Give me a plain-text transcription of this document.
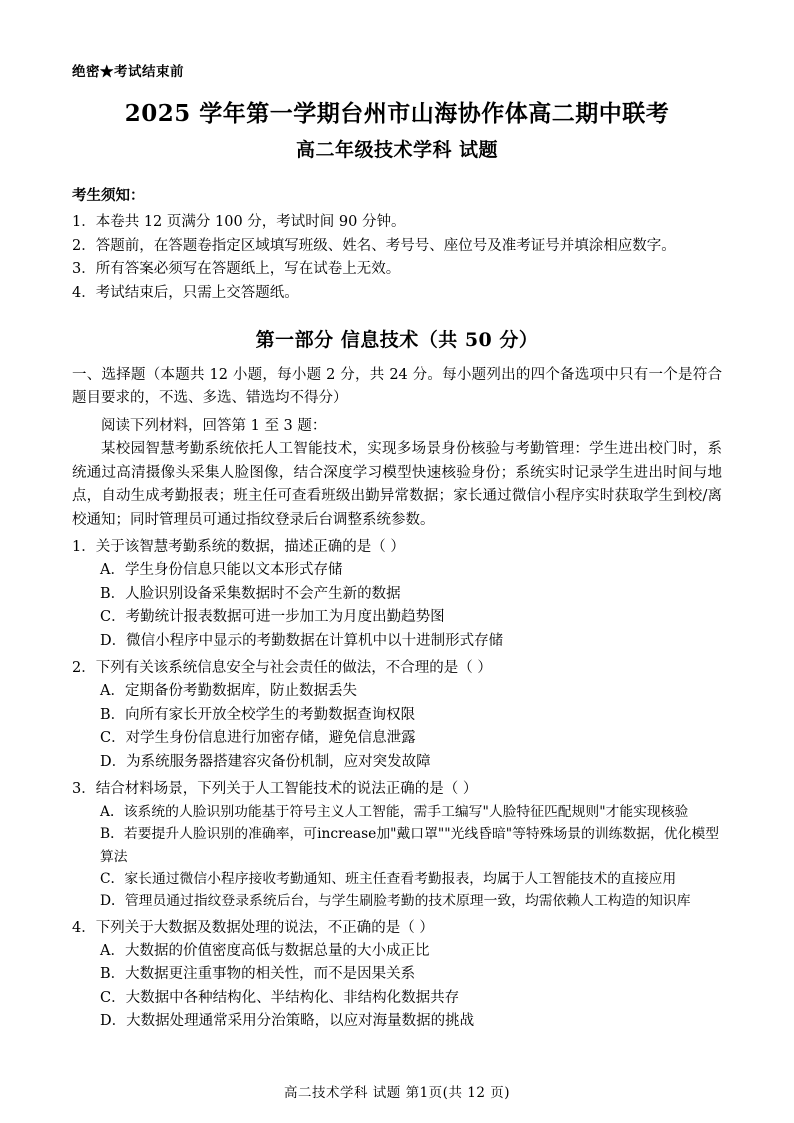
绝密★考试结束前
2025 学年第一学期台州市山海协作体高二期中联考
高二年级技术学科 试题
考生须知：
1．本卷共 12 页满分 100 分，考试时间 90 分钟。
2．答题前，在答题卷指定区域填写班级、姓名、考号号、座位号及准考证号并填涂相应数字。
3．所有答案必须写在答题纸上，写在试卷上无效。
4．考试结束后，只需上交答题纸。
第一部分 信息技术（共 50 分）
一、选择题（本题共 12 小题，每小题 2 分，共 24 分。每小题列出的四个备选项中只有一个是符合题目要求的，不选、多选、错选均不得分）
阅读下列材料，回答第 1 至 3 题：
某校园智慧考勤系统依托人工智能技术，实现多场景身份核验与考勤管理：学生进出校门时，系统通过高清摄像头采集人脸图像，结合深度学习模型快速核验身份；系统实时记录学生进出时间与地点，自动生成考勤报表；班主任可查看班级出勤异常数据；家长通过微信小程序实时获取学生到校/离校通知；同时管理员可通过指纹登录后台调整系统参数。
1．关于该智慧考勤系统的数据，描述正确的是（ ）
A．学生身份信息只能以文本形式存储
B．人脸识别设备采集数据时不会产生新的数据
C．考勤统计报表数据可进一步加工为月度出勤趋势图
D．微信小程序中显示的考勤数据在计算机中以十进制形式存储
2．下列有关该系统信息安全与社会责任的做法，不合理的是（ ）
A．定期备份考勤数据库，防止数据丢失
B．向所有家长开放全校学生的考勤数据查询权限
C．对学生身份信息进行加密存储，避免信息泄露
D．为系统服务器搭建容灾备份机制，应对突发故障
3．结合材料场景，下列关于人工智能技术的说法正确的是（ ）
A．该系统的人脸识别功能基于符号主义人工智能，需手工编写"人脸特征匹配规则"才能实现核验
B．若要提升人脸识别的准确率，可increase加"戴口罩""光线昏暗"等特殊场景的训练数据，优化模型算法
C．家长通过微信小程序接收考勤通知、班主任查看考勤报表，均属于人工智能技术的直接应用
D．管理员通过指纹登录系统后台，与学生刷脸考勤的技术原理一致，均需依赖人工构造的知识库
4．下列关于大数据及数据处理的说法，不正确的是（ ）
A．大数据的价值密度高低与数据总量的大小成正比
B．大数据更注重事物的相关性，而不是因果关系
C．大数据中各种结构化、半结构化、非结构化数据共存
D．大数据处理通常采用分治策略，以应对海量数据的挑战
高二技术学科 试题 第1页(共 12 页)
